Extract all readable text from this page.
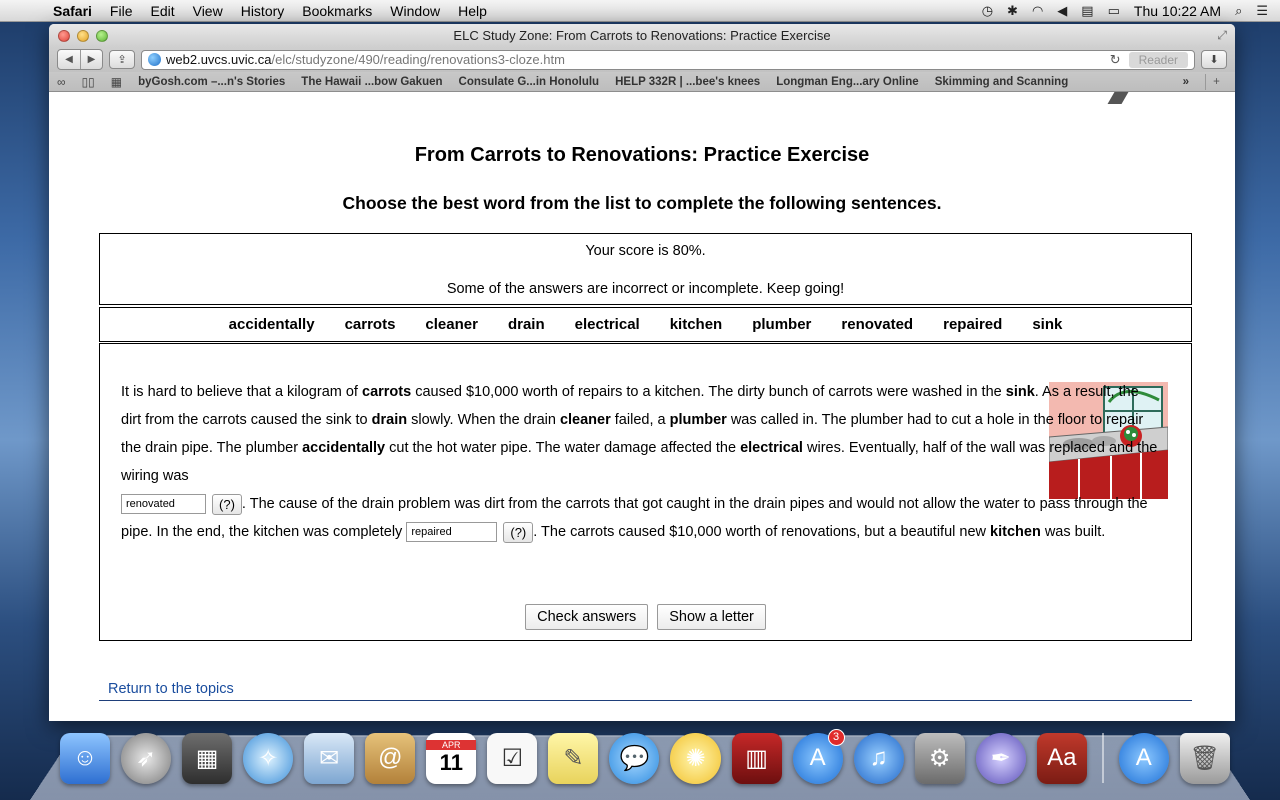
Safari	File	Edit	View	History	Bookmarks	Window	Help	◷ ✱ ◠ ◀ ▤ ▭ Thu 10:22 AM ⌕ ☰
ELC Study Zone: From Carrots to Renovations: Practice Exercise	⤢
◀	▶	⇪	web2.uvcs.uvic.ca /elc/studyzone/490/reading/renovations3-cloze.htm	↻	Reader	⬇
∞ ▯▯ ▦ byGosh.com –...n's Stories The Hawaii ...bow Gakuen Consulate G...in Honolulu HELP 332R | ...bee's knees Longman Eng...ary Online Skimming and Scanning	»	+
From Carrots to Renovations: Practice Exercise
Choose the best word from the list to complete the following sentences.

Your score is 80%.

Some of the answers are incorrect or incomplete. Keep going!

accidentally carrots cleaner drain electrical kitchen plumber renovated repaired sink
It is hard to believe that a kilogram of carrots caused $10,000 worth of repairs to a kitchen. The dirty bunch of carrots were washed in the sink. As a result, the dirt from the carrots caused the sink to drain slowly. When the drain cleaner failed, a plumber was called in. The plumber had to cut a hole in the floor to repair the drain pipe. The plumber accidentally cut the hot water pipe. The water damage affected the electrical wires. Eventually, half of the wall was replaced and the wiring was
renovated	(?) . The cause of the drain problem was dirt from the carrots that got caught in the drain pipes and would not allow the water to pass through the pipe. In the end, the kitchen was completely repaired	(?) . The carrots caused $10,000 worth of renovations, but a beautiful new kitchen was built.
Check answers	Show a letter
Return to the topics
☺	➶	▦	✧	✉	@	APR
11	☑	✎	💬	✺	▥	A
3
♫	⚙	✒	Aa	A	🗑
